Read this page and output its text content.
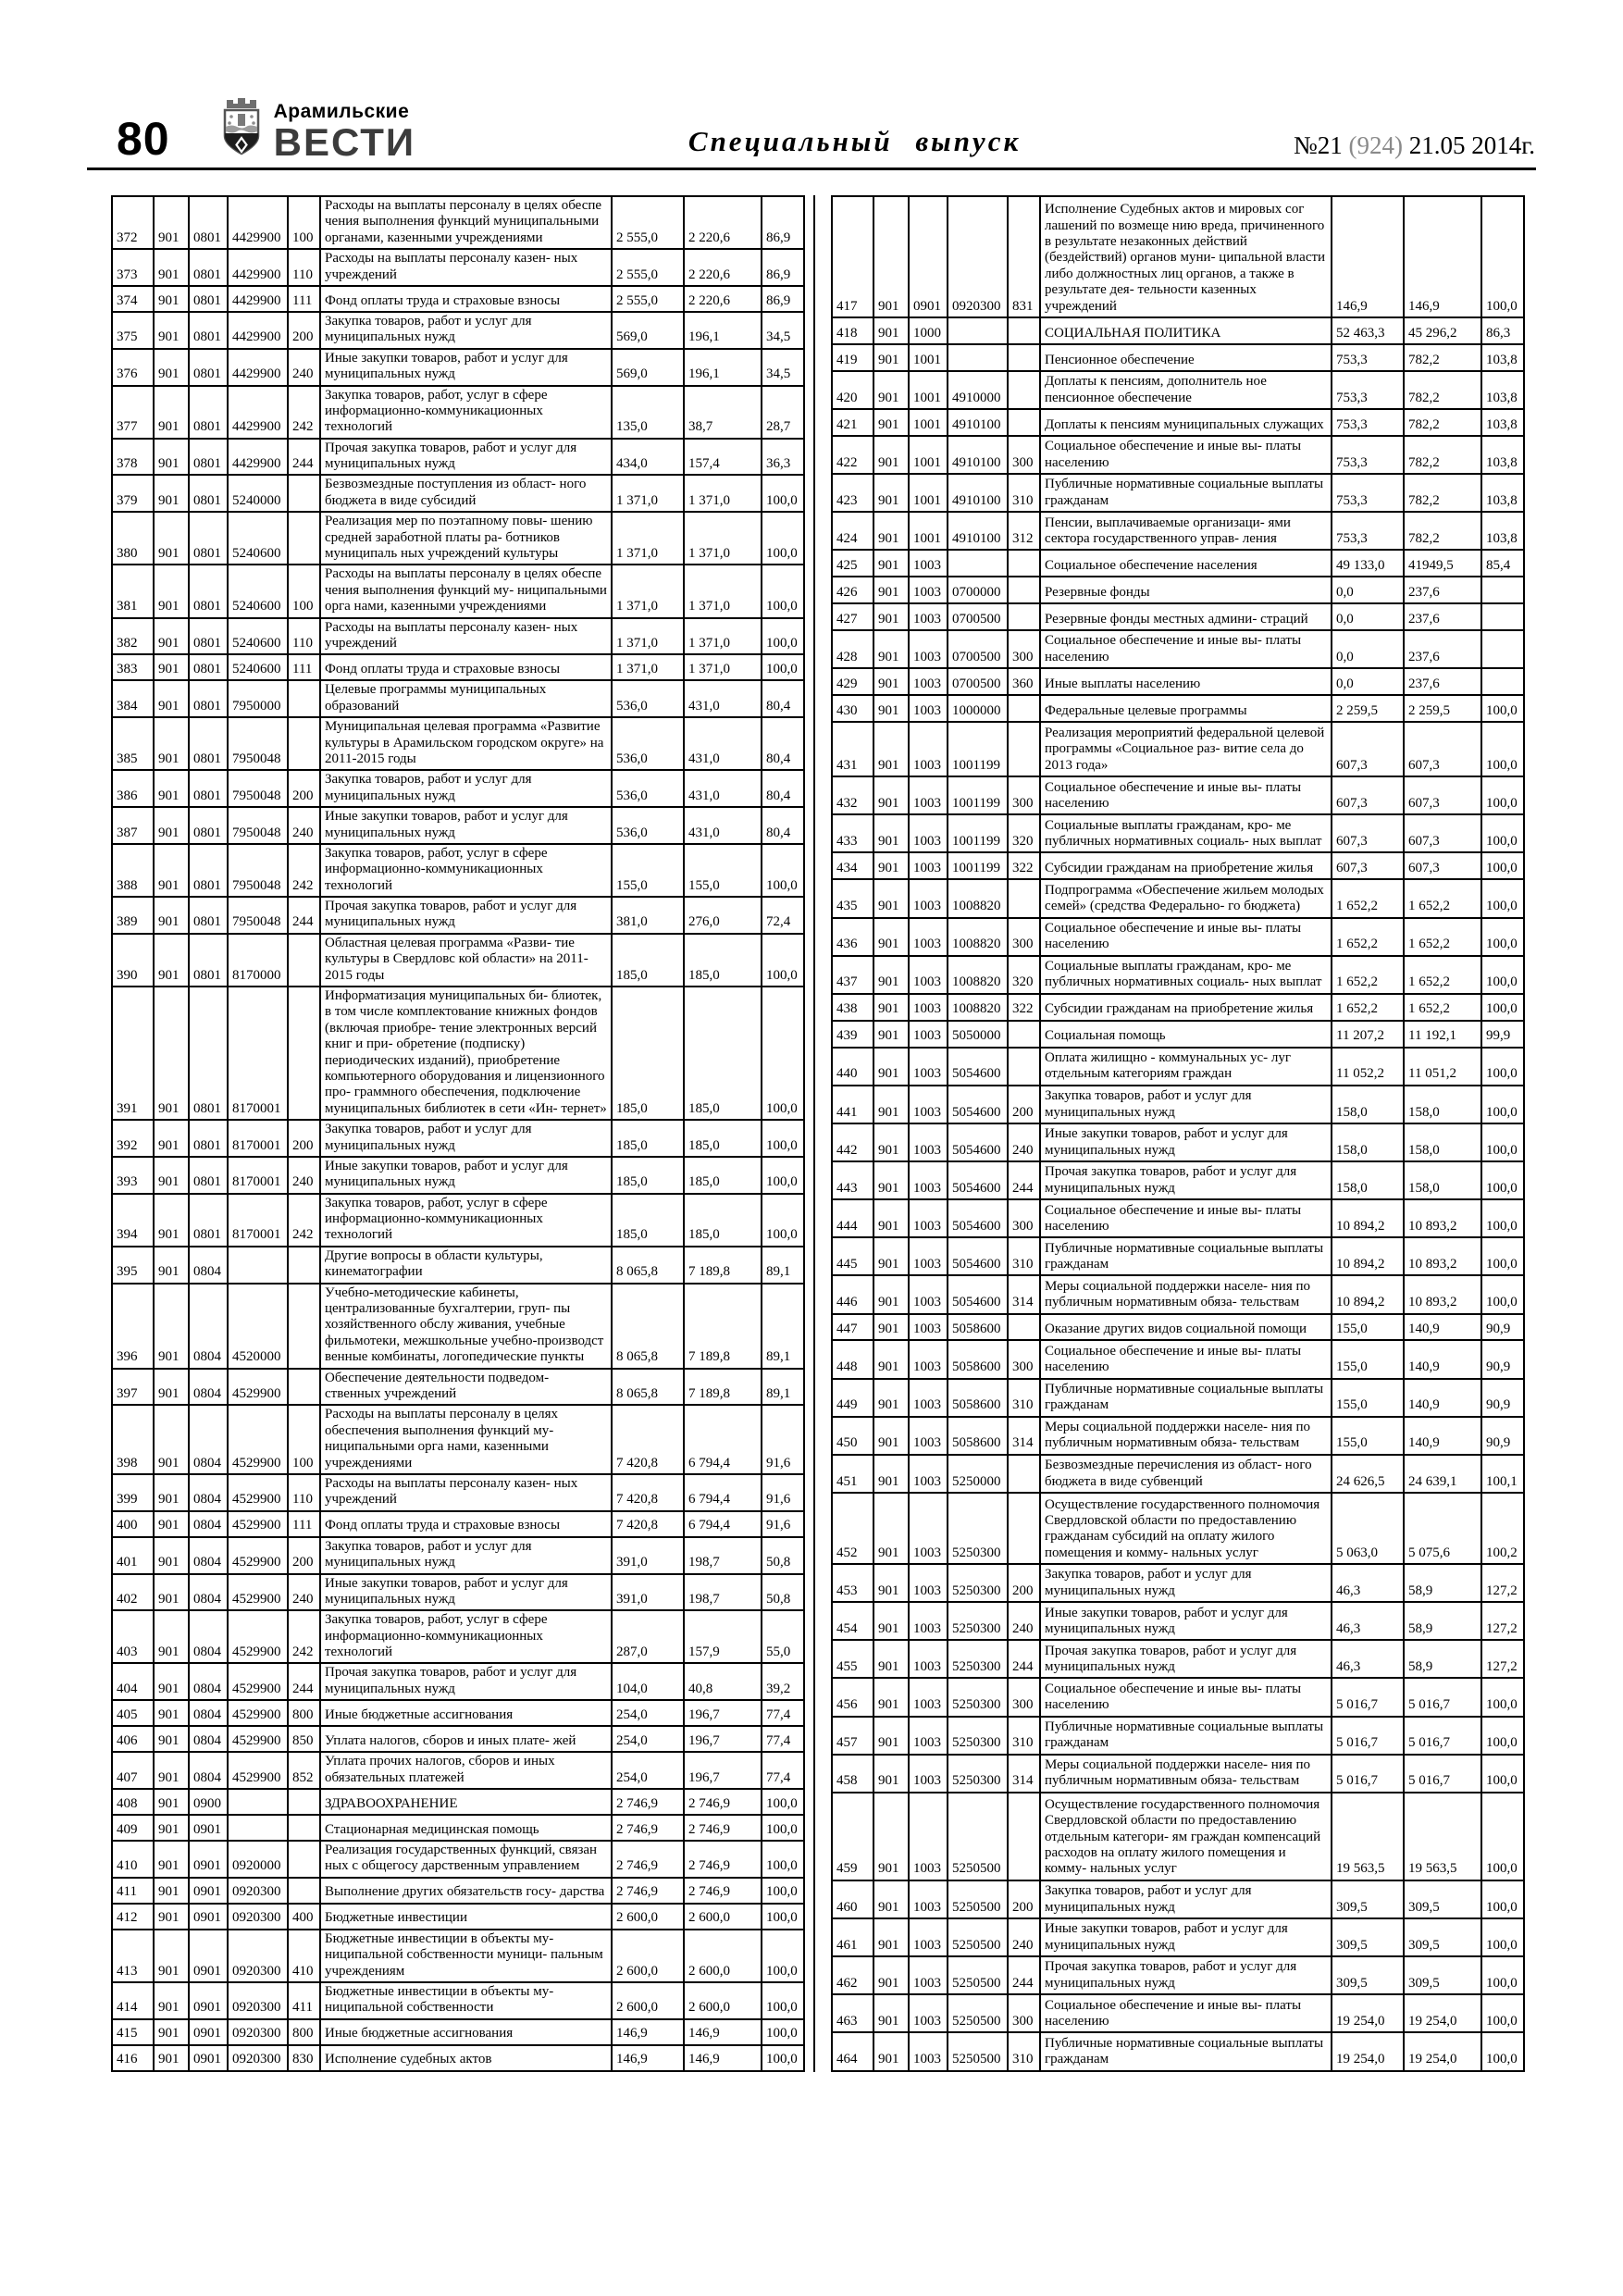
80
Арамильские
ВЕСТИ	Специальный выпуск	№21 (924) 21.05 2014г.
372	901	0801	4429900	100	Расходы на выплаты персоналу в целях обеспе чения выполнения функций муниципальными органами, казенными учреждениями	2 555,0	2 220,6	86,9
373	901	0801	4429900	110	Расходы на выплаты персоналу казен- ных учреждений	2 555,0	2 220,6	86,9
374	901	0801	4429900	111	Фонд оплаты труда и страховые взносы	2 555,0	2 220,6	86,9
375	901	0801	4429900	200	Закупка товаров, работ и услуг для муниципальных нужд	569,0	196,1	34,5
376	901	0801	4429900	240	Иные закупки товаров, работ и услуг для муниципальных нужд	569,0	196,1	34,5
377	901	0801	4429900	242	Закупка товаров, работ, услуг в сфере информационно-коммуникационных технологий	135,0	38,7	28,7
378	901	0801	4429900	244	Прочая закупка товаров, работ и услуг для муниципальных нужд	434,0	157,4	36,3
379	901	0801	5240000		Безвозмездные поступления из област- ного бюджета в виде субсидий	1 371,0	1 371,0	100,0
380	901	0801	5240600		Реализация мер по поэтапному повы- шению средней заработной платы ра- ботников муниципаль ных учреждений культуры	1 371,0	1 371,0	100,0
381	901	0801	5240600	100	Расходы на выплаты персоналу в целях обеспе чения выполнения функций му- ниципальными орга нами, казенными учреждениями	1 371,0	1 371,0	100,0
382	901	0801	5240600	110	Расходы на выплаты персоналу казен- ных учреждений	1 371,0	1 371,0	100,0
383	901	0801	5240600	111	Фонд оплаты труда и страховые взносы	1 371,0	1 371,0	100,0
384	901	0801	7950000		Целевые программы муниципальных образований	536,0	431,0	80,4
385	901	0801	7950048		Муниципальная целевая программа «Развитие культуры в Арамильском городском округе» на 2011-2015 годы	536,0	431,0	80,4
386	901	0801	7950048	200	Закупка товаров, работ и услуг для муниципальных нужд	536,0	431,0	80,4
387	901	0801	7950048	240	Иные закупки товаров, работ и услуг для муниципальных нужд	536,0	431,0	80,4
388	901	0801	7950048	242	Закупка товаров, работ, услуг в сфере информационно-коммуникационных технологий	155,0	155,0	100,0
389	901	0801	7950048	244	Прочая закупка товаров, работ и услуг для муниципальных нужд	381,0	276,0	72,4
390	901	0801	8170000		Областная целевая программа «Разви- тие культуры в Свердловс кой области» на 2011-2015 годы	185,0	185,0	100,0
391	901	0801	8170001		Информатизация муниципальных би- блиотек, в том числе комплектование книжных фондов (включая приобре- тение электронных версий книг и при- обретение (подписку) периодических изданий), приобретение компьютерного оборудования и лицензионного про- граммного обеспечения, подключение муниципальных библиотек в сети «Ин- тернет»	185,0	185,0	100,0
392	901	0801	8170001	200	Закупка товаров, работ и услуг для муниципальных нужд	185,0	185,0	100,0
393	901	0801	8170001	240	Иные закупки товаров, работ и услуг для муниципальных нужд	185,0	185,0	100,0
394	901	0801	8170001	242	Закупка товаров, работ, услуг в сфере информационно-коммуникационных технологий	185,0	185,0	100,0
395	901	0804			Другие вопросы в области культуры, кинематографии	8 065,8	7 189,8	89,1
396	901	0804	4520000		Учебно-методические кабинеты, централизованные бухгалтерии, груп- пы хозяйственного обслу живания, учебные фильмотеки, межшкольные учебно-производст венные комбинаты, логопедические пункты	8 065,8	7 189,8	89,1
397	901	0804	4529900		Обеспечение деятельности подведом- ственных учреждений	8 065,8	7 189,8	89,1
398	901	0804	4529900	100	Расходы на выплаты персоналу в целях обеспечения выполнения функций му- ниципальными орга нами, казенными учреждениями	7 420,8	6 794,4	91,6
399	901	0804	4529900	110	Расходы на выплаты персоналу казен- ных учреждений	7 420,8	6 794,4	91,6
400	901	0804	4529900	111	Фонд оплаты труда и страховые взносы	7 420,8	6 794,4	91,6
401	901	0804	4529900	200	Закупка товаров, работ и услуг для муниципальных нужд	391,0	198,7	50,8
402	901	0804	4529900	240	Иные закупки товаров, работ и услуг для муниципальных нужд	391,0	198,7	50,8
403	901	0804	4529900	242	Закупка товаров, работ, услуг в сфере информационно-коммуникационных технологий	287,0	157,9	55,0
404	901	0804	4529900	244	Прочая закупка товаров, работ и услуг для муниципальных нужд	104,0	40,8	39,2
405	901	0804	4529900	800	Иные бюджетные ассигнования	254,0	196,7	77,4
406	901	0804	4529900	850	Уплата налогов, сборов и иных плате- жей	254,0	196,7	77,4
407	901	0804	4529900	852	Уплата прочих налогов, сборов и иных обязательных платежей	254,0	196,7	77,4
408	901	0900			ЗДРАВООХРАНЕНИЕ	2 746,9	2 746,9	100,0
409	901	0901			Стационарная медицинская помощь	2 746,9	2 746,9	100,0
410	901	0901	0920000		Реализация государственных функций, связан ных с общегосу дарственным управлением	2 746,9	2 746,9	100,0
411	901	0901	0920300		Выполнение других обязательств госу- дарства	2 746,9	2 746,9	100,0
412	901	0901	0920300	400	Бюджетные инвестиции	2 600,0	2 600,0	100,0
413	901	0901	0920300	410	Бюджетные инвестиции в объекты му- ниципальной собственности муници- пальным учреждениям	2 600,0	2 600,0	100,0
414	901	0901	0920300	411	Бюджетные инвестиции в объекты му- ниципальной собственности	2 600,0	2 600,0	100,0
415	901	0901	0920300	800	Иные бюджетные ассигнования	146,9	146,9	100,0
416	901	0901	0920300	830	Исполнение судебных актов	146,9	146,9	100,0
417	901	0901	0920300	831	Исполнение Судебных актов и мировых сог лашений по возмеще нию вреда, причиненного в результате незаконных действий (бездействий) органов муни- ципальной власти либо должностных лиц органов, а также в результате дея- тельности казенных учреждений	146,9	146,9	100,0
418	901	1000			СОЦИАЛЬНАЯ ПОЛИТИКА	52 463,3	45 296,2	86,3
419	901	1001			Пенсионное обеспечение	753,3	782,2	103,8
420	901	1001	4910000		Доплаты к пенсиям, дополнитель ное пенсионное обеспечение	753,3	782,2	103,8
421	901	1001	4910100		Доплаты к пенсиям муниципальных служащих	753,3	782,2	103,8
422	901	1001	4910100	300	Социальное обеспечение и иные вы- платы населению	753,3	782,2	103,8
423	901	1001	4910100	310	Публичные нормативные социальные выплаты гражданам	753,3	782,2	103,8
424	901	1001	4910100	312	Пенсии, выплачиваемые организаци- ями сектора государственного управ- ления	753,3	782,2	103,8
425	901	1003			Социальное обеспечение населения	49 133,0	41949,5	85,4
426	901	1003	0700000		Резервные фонды	0,0	237,6	
427	901	1003	0700500		Резервные фонды местных админи- страций	0,0	237,6	
428	901	1003	0700500	300	Социальное обеспечение и иные вы- платы населению	0,0	237,6	
429	901	1003	0700500	360	Иные выплаты населению	0,0	237,6	
430	901	1003	1000000		Федеральные целевые программы	2 259,5	2 259,5	100,0
431	901	1003	1001199		Реализация мероприятий федеральной целевой программы «Социальное раз- витие села до 2013 года»	607,3	607,3	100,0
432	901	1003	1001199	300	Социальное обеспечение и иные вы- платы населению	607,3	607,3	100,0
433	901	1003	1001199	320	Социальные выплаты гражданам, кро- ме публичных нормативных социаль- ных выплат	607,3	607,3	100,0
434	901	1003	1001199	322	Субсидии гражданам на приобретение жилья	607,3	607,3	100,0
435	901	1003	1008820		Подпрограмма «Обеспечение жильем молодых семей» (средства Федерально- го бюджета)	1 652,2	1 652,2	100,0
436	901	1003	1008820	300	Социальное обеспечение и иные вы- платы населению	1 652,2	1 652,2	100,0
437	901	1003	1008820	320	Социальные выплаты гражданам, кро- ме публичных нормативных социаль- ных выплат	1 652,2	1 652,2	100,0
438	901	1003	1008820	322	Субсидии гражданам на приобретение жилья	1 652,2	1 652,2	100,0
439	901	1003	5050000		Социальная помощь	11 207,2	11 192,1	99,9
440	901	1003	5054600		Оплата жилищно - коммунальных ус- луг отдельным категориям граждан	11 052,2	11 051,2	100,0
441	901	1003	5054600	200	Закупка товаров, работ и услуг для муниципальных нужд	158,0	158,0	100,0
442	901	1003	5054600	240	Иные закупки товаров, работ и услуг для муниципальных нужд	158,0	158,0	100,0
443	901	1003	5054600	244	Прочая закупка товаров, работ и услуг для муниципальных нужд	158,0	158,0	100,0
444	901	1003	5054600	300	Социальное обеспечение и иные вы- платы населению	10 894,2	10 893,2	100,0
445	901	1003	5054600	310	Публичные нормативные социальные выплаты гражданам	10 894,2	10 893,2	100,0
446	901	1003	5054600	314	Меры социальной поддержки населе- ния по публичным нормативным обяза- тельствам	10 894,2	10 893,2	100,0
447	901	1003	5058600		Оказание других видов социальной помощи	155,0	140,9	90,9
448	901	1003	5058600	300	Социальное обеспечение и иные вы- платы населению	155,0	140,9	90,9
449	901	1003	5058600	310	Публичные нормативные социальные выплаты гражданам	155,0	140,9	90,9
450	901	1003	5058600	314	Меры социальной поддержки населе- ния по публичным нормативным обяза- тельствам	155,0	140,9	90,9
451	901	1003	5250000		Безвозмездные перечисления из област- ного бюджета в виде субвенций	24 626,5	24 639,1	100,1
452	901	1003	5250300		Осуществление государственного полномочия Свердловской области по предоставлению гражданам субсидий на оплату жилого помещения и комму- нальных услуг	5 063,0	5 075,6	100,2
453	901	1003	5250300	200	Закупка товаров, работ и услуг для муниципальных нужд	46,3	58,9	127,2
454	901	1003	5250300	240	Иные закупки товаров, работ и услуг для муниципальных нужд	46,3	58,9	127,2
455	901	1003	5250300	244	Прочая закупка товаров, работ и услуг для муниципальных нужд	46,3	58,9	127,2
456	901	1003	5250300	300	Социальное обеспечение и иные вы- платы населению	5 016,7	5 016,7	100,0
457	901	1003	5250300	310	Публичные нормативные социальные выплаты гражданам	5 016,7	5 016,7	100,0
458	901	1003	5250300	314	Меры социальной поддержки населе- ния по публичным нормативным обяза- тельствам	5 016,7	5 016,7	100,0
459	901	1003	5250500		Осуществление государственного полномочия Свердловской области по предоставлению отдельным категори- ям граждан компенсаций расходов на оплату жилого помещения и комму- нальных услуг	19 563,5	19 563,5	100,0
460	901	1003	5250500	200	Закупка товаров, работ и услуг для муниципальных нужд	309,5	309,5	100,0
461	901	1003	5250500	240	Иные закупки товаров, работ и услуг для муниципальных нужд	309,5	309,5	100,0
462	901	1003	5250500	244	Прочая закупка товаров, работ и услуг для муниципальных нужд	309,5	309,5	100,0
463	901	1003	5250500	300	Социальное обеспечение и иные вы- платы населению	19 254,0	19 254,0	100,0
464	901	1003	5250500	310	Публичные нормативные социальные выплаты гражданам	19 254,0	19 254,0	100,0
